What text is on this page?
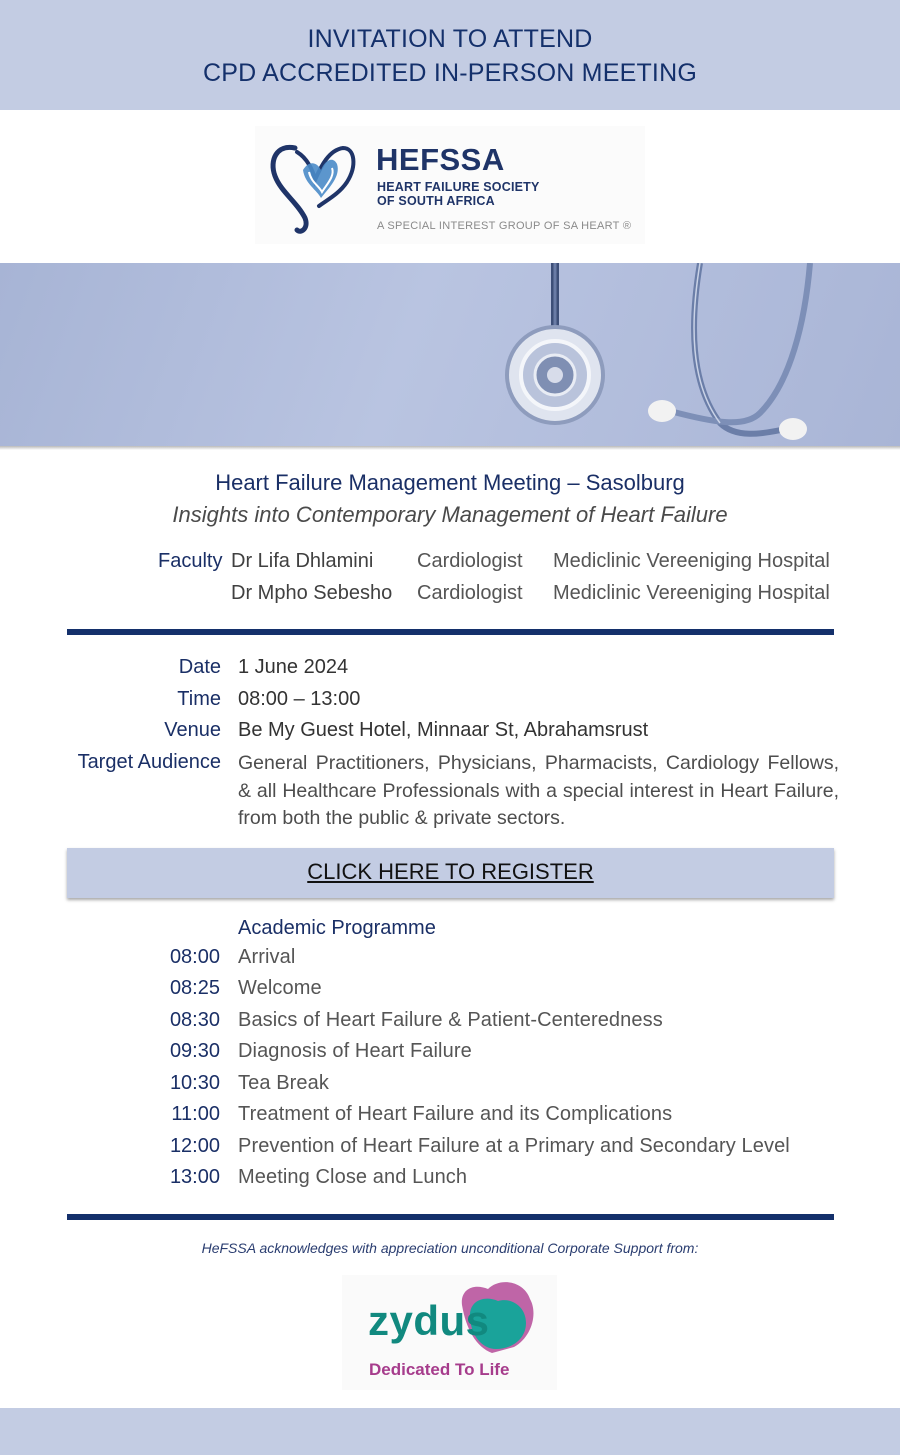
INVITATION TO ATTEND
CPD ACCREDITED IN-PERSON MEETING
HEFSSA
HEART FAILURE SOCIETY
OF SOUTH AFRICA
A SPECIAL INTEREST GROUP OF SA HEART ®
Heart Failure Management Meeting – Sasolburg
Insights into Contemporary Management of Heart Failure
Faculty Dr Lifa Dhlamini Cardiologist Mediclinic Vereeniging Hospital
Dr Mpho Sebesho Cardiologist Mediclinic Vereeniging Hospital
Date 1 June 2024
Time 08:00 – 13:00
Venue Be My Guest Hotel, Minnaar St, Abrahamsrust
Target Audience General Practitioners, Physicians, Pharmacists, Cardiology Fellows, & all Healthcare Professionals with a special interest in Heart Failure, from both the public & private sectors.
CLICK HERE TO REGISTER
Academic Programme
08:00 Arrival
08:25 Welcome
08:30 Basics of Heart Failure & Patient-Centeredness
09:30 Diagnosis of Heart Failure
10:30 Tea Break
11:00 Treatment of Heart Failure and its Complications
12:00 Prevention of Heart Failure at a Primary and Secondary Level
13:00 Meeting Close and Lunch
HeFSSA acknowledges with appreciation unconditional Corporate Support from:
zydus
Dedicated To Life
